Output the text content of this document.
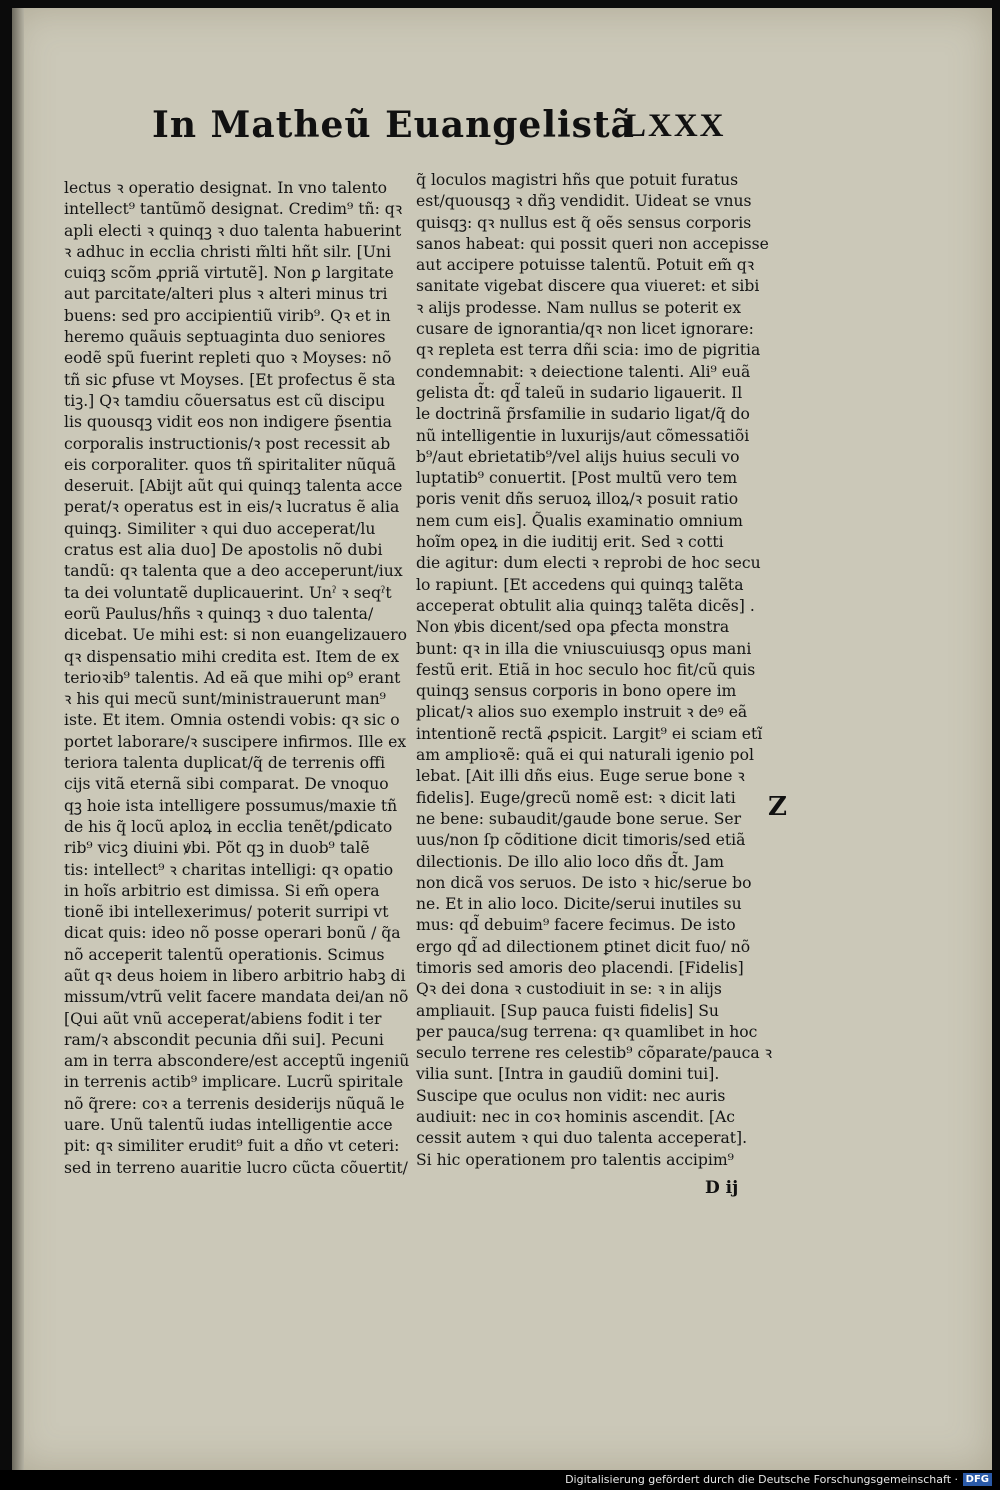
In Matheũ Euangelistã
LXXX
lectus ꝛ operatio designat. In vno talento
intellect⁹ tantũmõ designat. Credim⁹ tñ: qꝛ
apli electi ꝛ quinqꝫ ꝛ duo talenta habuerint
ꝛ adhuc in ecclia christi m̃lti hñt silr. [Uni
cuiqꝫ scõm ꝓpriã virtutẽ]. Non ꝑ largitate
aut parcitate/alteri plus ꝛ alteri minus tri
buens: sed pro accipientiũ virib⁹. Qꝛ et in
heremo quãuis septuaginta duo seniores
eodẽ spũ fuerint repleti quo ꝛ Moyses: nõ
tñ sic ꝑfuse vt Moyses. [Et profectus ẽ sta
tiꝫ.] Qꝛ tamdiu cõuersatus est cũ discipu
lis quousqꝫ vidit eos non indigere p̃sentia
corporalis instructionis/ꝛ post recessit ab
eis corporaliter. quos tñ spiritaliter nũquã
deseruit. [Abijt aũt qui quinqꝫ talenta acce
perat/ꝛ operatus est in eis/ꝛ lucratus ẽ alia
quinqꝫ. Similiter ꝛ qui duo acceperat/lu
cratus est alia duo] De apostolis nõ dubi
tandũ: qꝛ talenta que a deo acceperunt/iux
ta dei voluntatẽ duplicauerint. Unˀ ꝛ seqˀt
eorũ Paulus/hñs ꝛ quinqꝫ ꝛ duo talenta/
dicebat. Ue mihi est: si non euangelizauero
qꝛ dispensatio mihi credita est. Item de ex
terioꝛib⁹ talentis. Ad eã que mihi op⁹ erant
ꝛ his qui mecũ sunt/ministrauerunt man⁹
iste. Et item. Omnia ostendi vobis: qꝛ sic o
portet laborare/ꝛ suscipere infirmos. Ille ex
teriora talenta duplicat/q̃ de terrenis offi
cijs vitã eternã sibi comparat. De vnoquo
qꝫ hoie ista intelligere possumus/maxie tñ
de his q̃ locũ aploꝝ in ecclia tenẽt/ꝑdicato
rib⁹ vicꝫ diuini ꝟbi. Põt qꝫ in duob⁹ talẽ
tis: intellect⁹ ꝛ charitas intelligi: qꝛ opatio
in hoĩs arbitrio est dimissa. Si em̃ opera
tionẽ ibi intellexerimus/ poterit surripi vt
dicat quis: ideo nõ posse operari bonũ / q̃a
nõ acceperit talentũ operationis. Scimus
aũt qꝛ deus hoiem in libero arbitrio habꝫ di
missum/vtrũ velit facere mandata dei/an nõ
[Qui aũt vnũ acceperat/abiens fodit i ter
ram/ꝛ abscondit pecunia dñi sui]. Pecuni
am in terra abscondere/est acceptũ ingeniũ
in terrenis actib⁹ implicare. Lucrũ spiritale
nõ q̃rere: coꝛ a terrenis desiderijs nũquã le
uare. Unũ talentũ iudas intelligentie acce
pit: qꝛ similiter erudit⁹ fuit a dño vt ceteri:
sed in terreno auaritie lucro cũcta cõuertit/
q̃ loculos magistri hñs que potuit furatus
est/quousqꝫ ꝛ dñꝫ vendidit. Uideat se vnus
quisqꝫ: qꝛ nullus est q̃ oẽs sensus corporis
sanos habeat: qui possit queri non accepisse
aut accipere potuisse talentũ. Potuit em̃ qꝛ
sanitate vigebat discere qua viueret: et sibi
ꝛ alijs prodesse. Nam nullus se poterit ex
cusare de ignorantia/qꝛ non licet ignorare:
qꝛ repleta est terra dñi scia: imo de pigritia
condemnabit: ꝛ deiectione talenti. Ali⁹ euã
gelista d̃t: qd̃ taleũ in sudario ligauerit. Il
le doctrinã p̃rsfamilie in sudario ligat/q̃ do
nũ intelligentie in luxurijs/aut cõmessatiõi
b⁹/aut ebrietatib⁹/vel alijs huius seculi vo
luptatib⁹ conuertit. [Post multũ vero tem
poris venit dñs seruoꝝ illoꝝ/ꝛ posuit ratio
nem cum eis]. Q̃ualis examinatio omnium
hoĩm opeꝝ in die iuditij erit. Sed ꝛ cotti
die agitur: dum electi ꝛ reprobi de hoc secu
lo rapiunt. [Et accedens qui quinqꝫ talẽta
acceperat obtulit alia quinqꝫ talẽta dicẽs] .
Non ꝟbis dicent/sed opa ꝑfecta monstra
bunt: qꝛ in illa die vniuscuiusqꝫ opus mani
festũ erit. Etiã in hoc seculo hoc fit/cũ quis
quinqꝫ sensus corporis in bono opere im
plicat/ꝛ alios suo exemplo instruit ꝛ deꝰ eã
intentionẽ rectã ꝓspicit. Largit⁹ ei sciam etĩ
am amplioꝛẽ: quã ei qui naturali igenio pol
lebat. [Ait illi dñs eius. Euge serue bone ꝛ
fidelis]. Euge/grecũ nomẽ est: ꝛ dicit lati
ne bene: subaudit/gaude bone serue. Ser
uus/non ſp cõditione dicit timoris/sed etiã
dilectionis. De illo alio loco dñs d̃t. Jam
non dicã vos seruos. De isto ꝛ hic/serue bo
ne. Et in alio loco. Dicite/serui inutiles su
mus: qd̃ debuim⁹ facere fecimus. De isto
ergo qd̃ ad dilectionem ꝑtinet dicit fuo/ nõ
timoris sed amoris deo placendi. [Fidelis]
Qꝛ dei dona ꝛ custodiuit in se: ꝛ in alijs
ampliauit. [Sup pauca fuisti fidelis] Su
per pauca/sug terrena: qꝛ quamlibet in hoc
seculo terrene res celestib⁹ cõparate/pauca ꝛ
vilia sunt. [Intra in gaudiũ domini tui].
Suscipe que oculus non vidit: nec auris
audiuit: nec in coꝛ hominis ascendit. [Ac
cessit autem ꝛ qui duo talenta acceperat].
Si hic operationem pro talentis accipim⁹
D ij
Z
Digitalisierung gefördert durch die Deutsche Forschungsgemeinschaft · DFG
